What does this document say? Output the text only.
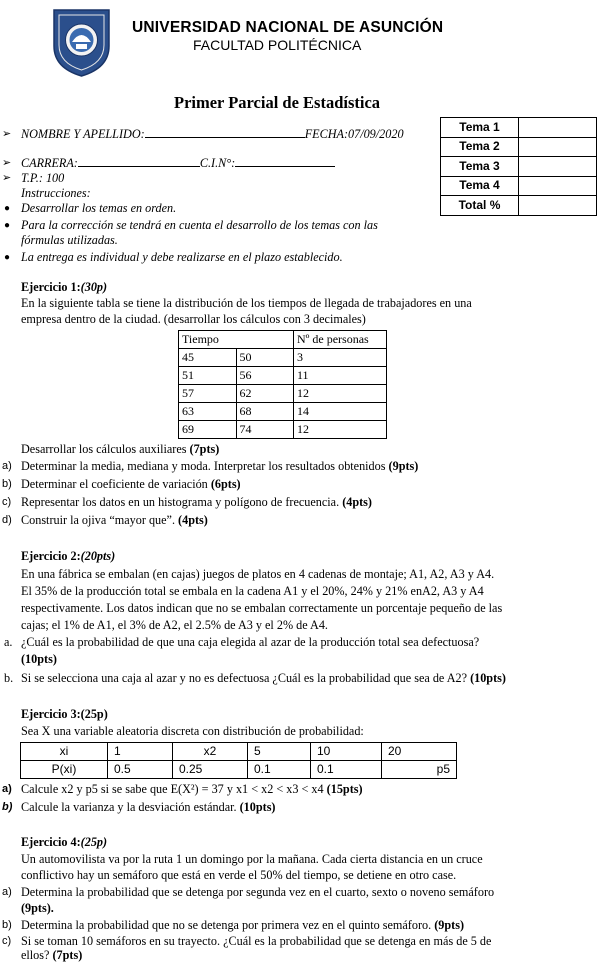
UNIVERSIDAD NACIONAL DE ASUNCIÓN
FACULTAD POLITÉCNICA
Primer Parcial de Estadística
Tema 1	
Tema 2	
Tema 3	
Tema 4	
Total %	
➢ NOMBRE Y APELLIDO:	FECHA:07/09/2020
➢ CARRERA:	C.I.N°:
➢ T.P.: 100
Instrucciones:
● Desarrollar los temas en orden.
● Para la corrección se tendrá en cuenta el desarrollo de los temas con las
fórmulas utilizadas.
● La entrega es individual y debe realizarse en el plazo establecido.
Ejercicio 1:(30p)
En la siguiente tabla se tiene la distribución de los tiempos de llegada de trabajadores en una
empresa dentro de la ciudad. (desarrollar los cálculos con 3 decimales)
Tiempo		Nº de personas
45	50	3
51	56	11
57	62	12
63	68	14
69	74	12
Desarrollar los cálculos auxiliares (7pts)
a) Determinar la media, mediana y moda. Interpretar los resultados obtenidos (9pts)
b) Determinar el coeficiente de variación (6pts)
c) Representar los datos en un histograma y polígono de frecuencia. (4pts)
d) Construir la ojiva “mayor que”. (4pts)
Ejercicio 2:(20pts)
En una fábrica se embalan (en cajas) juegos de platos en 4 cadenas de montaje; A1, A2, A3 y A4.
El 35% de la producción total se embala en la cadena A1 y el 20%, 24% y 21% enA2, A3 y A4
respectivamente. Los datos indican que no se embalan correctamente un porcentaje pequeño de las
cajas; el 1% de A1, el 3% de A2, el 2.5% de A3 y el 2% de A4.
a. ¿Cuál es la probabilidad de que una caja elegida al azar de la producción total sea defectuosa?
(10pts)
b. Si se selecciona una caja al azar y no es defectuosa ¿Cuál es la probabilidad que sea de A2? (10pts)
Ejercicio 3:(25p)
Sea X una variable aleatoria discreta con distribución de probabilidad:
xi	1	x2	5	10	20
P(xi)	0.5	0.25	0.1	0.1	p5
a) Calcule x2 y p5 si se sabe que E(X²) = 37 y x1 < x2 < x3 < x4 (15pts)
b) Calcule la varianza y la desviación estándar. (10pts)
Ejercicio 4:(25p)
Un automovilista va por la ruta 1 un domingo por la mañana. Cada cierta distancia en un cruce
conflictivo hay un semáforo que está en verde el 50% del tiempo, se detiene en otro case.
a) Determina la probabilidad que se detenga por segunda vez en el cuarto, sexto o noveno semáforo
(9pts).
b) Determina la probabilidad que no se detenga por primera vez en el quinto semáforo. (9pts)
c) Si se toman 10 semáforos en su trayecto. ¿Cuál es la probabilidad que se detenga en más de 5 de
ellos? (7pts)
